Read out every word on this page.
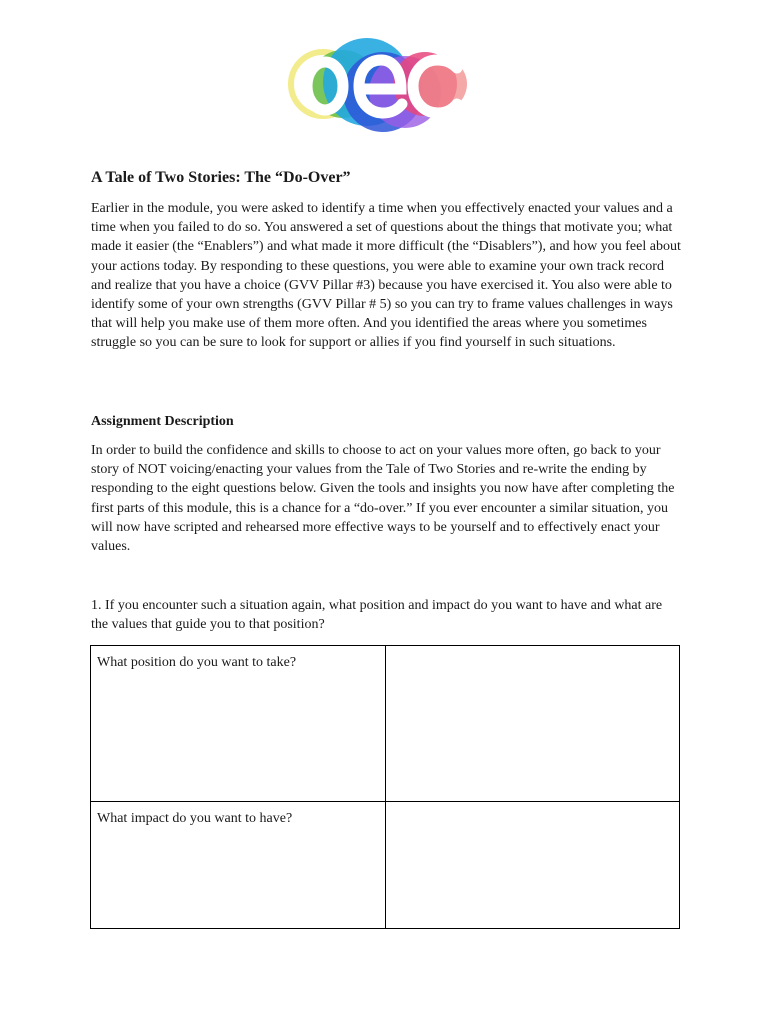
A Tale of Two Stories: The “Do-Over”

Earlier in the module, you were asked to identify a time when you effectively enacted your values and a time when you failed to do so. You answered a set of questions about the things that motivate you; what made it easier (the “Enablers”) and what made it more difficult (the “Disablers”), and how you feel about your actions today. By responding to these questions, you were able to examine your own track record and realize that you have a choice (GVV Pillar #3) because you have exercised it. You also were able to identify some of your own strengths (GVV Pillar # 5) so you can try to frame values challenges in ways that will help you make use of them more often. And you identified the areas where you sometimes struggle so you can be sure to look for support or allies if you find yourself in such situations.

Assignment Description

In order to build the confidence and skills to choose to act on your values more often, go back to your story of NOT voicing/enacting your values from the Tale of Two Stories and re-write the ending by responding to the eight questions below. Given the tools and insights you now have after completing the first parts of this module, this is a chance for a “do-over.” If you ever encounter a similar situation, you will now have scripted and rehearsed more effective ways to be yourself and to effectively enact your values.

1. If you encounter such a situation again, what position and impact do you want to have and what are the values that guide you to that position?

What position do you want to take?	
What impact do you want to have?	
